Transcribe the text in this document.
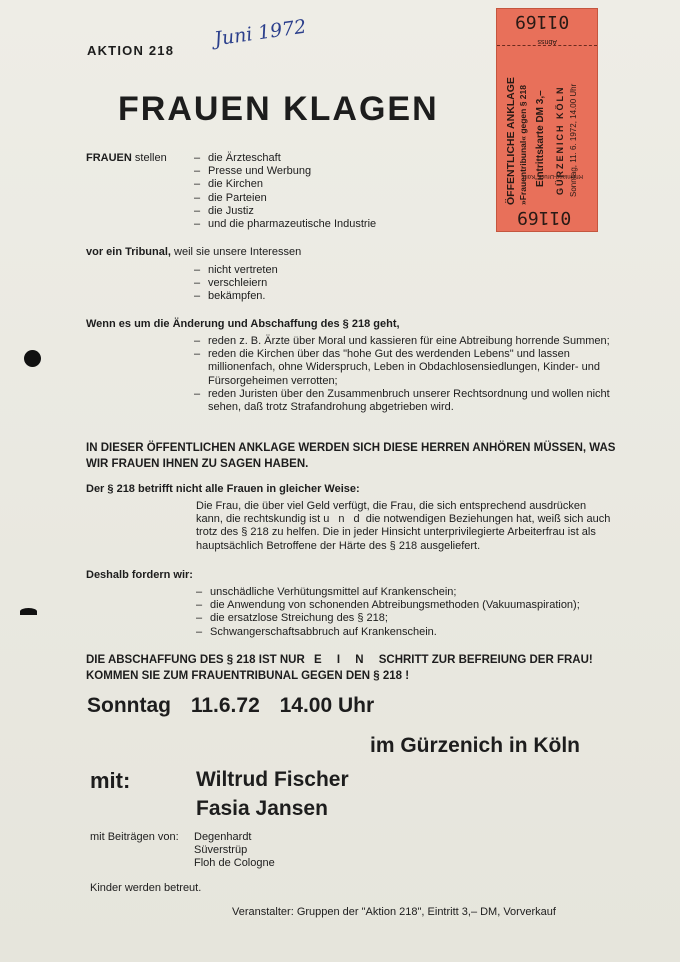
AKTION 218
Juni 1972
FRAUEN KLAGEN
01169
Abriss
ÖFFENTLICHE ANKLAGE »Frauentribunal« gegen § 218 Eintrittskarte DM 3,– GÜRZENICH KÖLN Sonntag, 11. 6. 1972, 14.00 Uhr
Rheinland-Druck, Köln
01169
FRAUEN stellen
–	die Ärzteschaft
– Presse und Werbung
– die Kirchen
– die Parteien
– die Justiz
– und die pharmazeutische Industrie
vor ein Tribunal, weil sie unsere Interessen
– nicht vertreten
– verschleiern
– bekämpfen.
Wenn es um die Änderung und Abschaffung des § 218 geht,
– reden z. B. Ärzte über Moral und kassieren für eine Abtreibung horrende Summen;
– reden die Kirchen über das "hohe Gut des werdenden Lebens" und lassen millionenfach, ohne Widerspruch, Leben in Obdachlosensiedlungen, Kinder- und Fürsorgeheimen verrotten;
– reden Juristen über den Zusammenbruch unserer Rechtsordnung und wollen nicht sehen, daß trotz Strafandrohung abgetrieben wird.
IN DIESER ÖFFENTLICHEN ANKLAGE WERDEN SICH DIESE HERREN ANHÖREN MÜSSEN, WAS WIR FRAUEN IHNEN ZU SAGEN HABEN.
Der § 218 betrifft nicht alle Frauen in gleicher Weise:
Die Frau, die über viel Geld verfügt, die Frau, die sich entsprechend ausdrücken kann, die rechtskundig ist u n d die notwendigen Beziehungen hat, weiß sich auch trotz des § 218 zu helfen. Die in jeder Hinsicht unterprivilegierte Arbeiterfrau ist als hauptsächlich Betroffene der Härte des § 218 ausgeliefert.
Deshalb fordern wir:
– unschädliche Verhütungsmittel auf Krankenschein;
– die Anwendung von schonenden Abtreibungsmethoden (Vakuumaspiration);
– die ersatzlose Streichung des § 218;
– Schwangerschaftsabbruch auf Krankenschein.
DIE ABSCHAFFUNG DES § 218 IST NUR E I N SCHRITT ZUR BEFREIUNG DER FRAU!
KOMMEN SIE ZUM FRAUENTRIBUNAL GEGEN DEN § 218 !
Sonntag 11.6.72 14.00 Uhr
im Gürzenich in Köln
mit:	Wiltrud Fischer
Fasia Jansen
mit Beiträgen von: Degenhardt
Süverstrüp
Floh de Cologne
Kinder werden betreut.
Veranstalter: Gruppen der "Aktion 218", Eintritt 3,– DM, Vorverkauf
